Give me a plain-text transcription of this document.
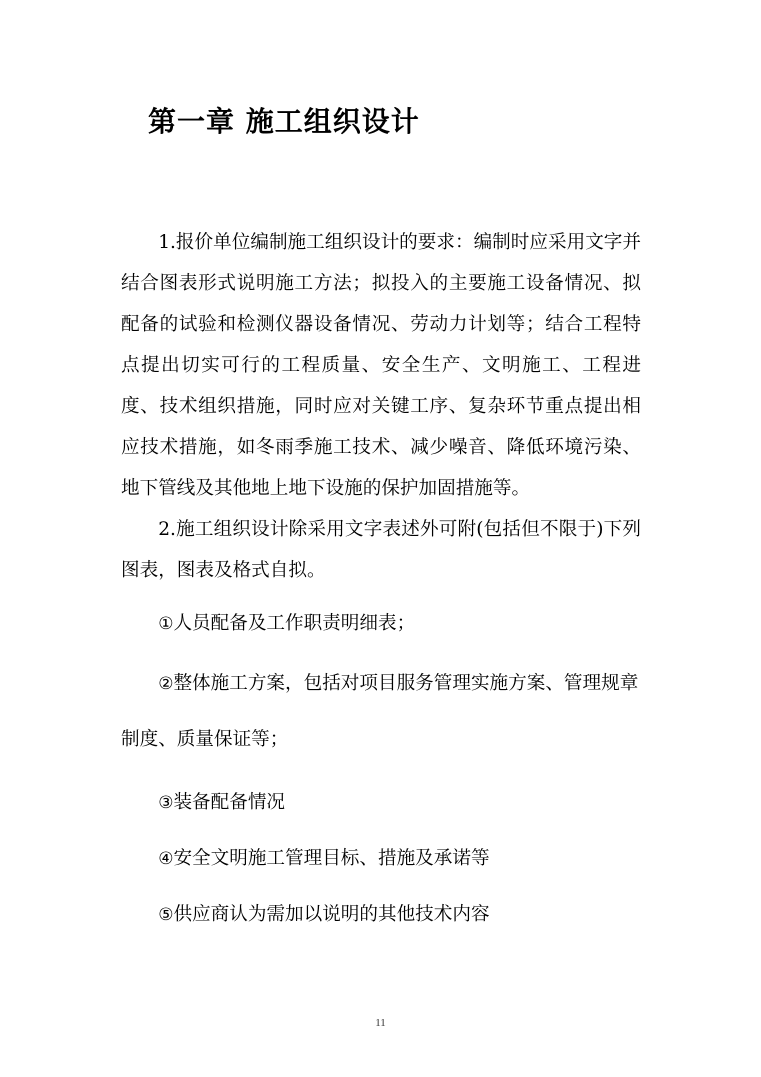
第一章 施工组织设计

1.报价单位编制施工组织设计的要求：编制时应采用文字并结合图表形式说明施工方法；拟投入的主要施工设备情况、拟配备的试验和检测仪器设备情况、劳动力计划等；结合工程特点提出切实可行的工程质量、安全生产、文明施工、工程进度、技术组织措施，同时应对关键工序、复杂环节重点提出相应技术措施，如冬雨季施工技术、减少噪音、降低环境污染、地下管线及其他地上地下设施的保护加固措施等。

2.施工组织设计除采用文字表述外可附(包括但不限于)下列图表，图表及格式自拟。

①人员配备及工作职责明细表；

②整体施工方案，包括对项目服务管理实施方案、管理规章制度、质量保证等；

③装备配备情况

④安全文明施工管理目标、措施及承诺等

⑤供应商认为需加以说明的其他技术内容

11
